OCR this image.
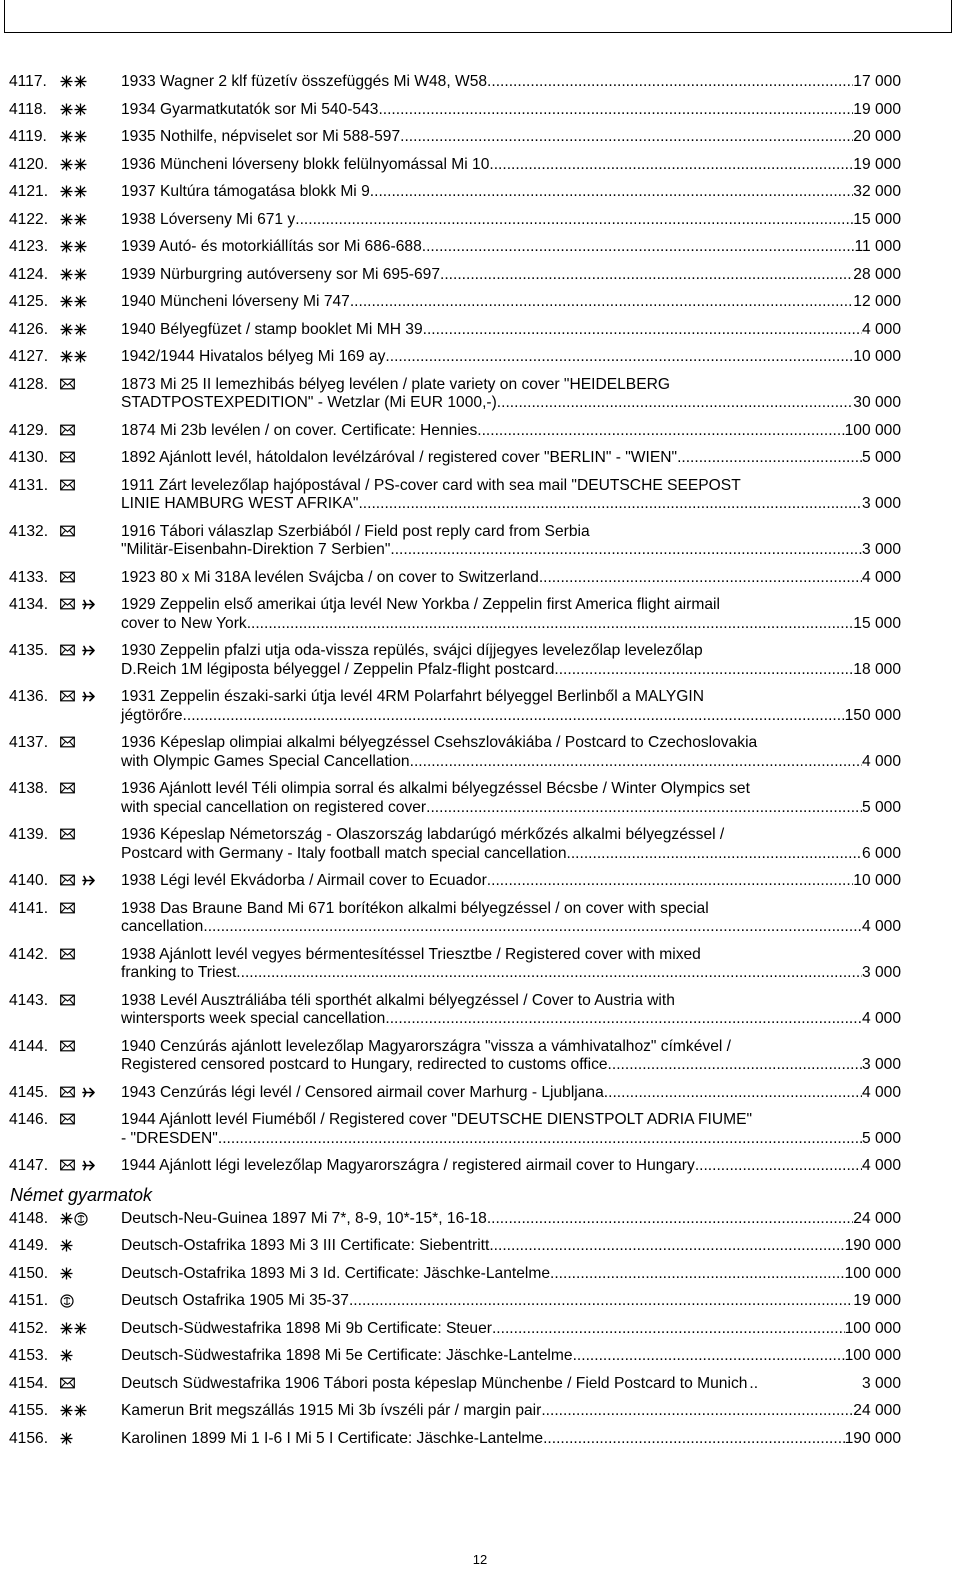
4117.	1933 Wagner 2 klf füzetív összefüggés Mi W48, W58 .....	17 000
4118.	1934 Gyarmatkutatók sor Mi 540-543 .....	19 000
4119.	1935 Nothilfe, népviselet sor Mi 588-597 .....	20 000
4120.	1936 Müncheni lóverseny blokk felülnyomással Mi 10 .....	19 000
4121.	1937 Kultúra támogatása blokk Mi 9 .....	32 000
4122.	1938 Lóverseny Mi 671 y .....	15 000
4123.	1939 Autó- és motorkiállítás sor Mi 686-688 .....	11 000
4124.	1939 Nürburgring autóverseny sor Mi 695-697 .....	28 000
4125.	1940 Müncheni lóverseny Mi 747 .....	12 000
4126.	1940 Bélyegfüzet / stamp booklet Mi MH 39 .....	4 000
4127.	1942/1944 Hivatalos bélyeg Mi 169 ay .....	10 000
4128.	1873 Mi 25 II lemezhibás bélyeg levélen / plate variety on cover "HEIDELBERG
STADTPOSTEXPEDITION" - Wetzlar (Mi EUR 1000,-) .....	30 000
4129.	1874 Mi 23b levélen / on cover. Certificate: Hennies .....	100 000
4130.	1892 Ajánlott levél, hátoldalon levélzáróval / registered cover "BERLIN" - "WIEN" .....	5 000
4131.	1911 Zárt levelezőlap hajópostával / PS-cover card with sea mail "DEUTSCHE SEEPOST
LINIE HAMBURG WEST AFRIKA" .....	3 000
4132.	1916 Tábori válaszlap Szerbiából / Field post reply card from Serbia
"Militär-Eisenbahn-Direktion 7 Serbien" .....	3 000
4133.	1923 80 x Mi 318A levélen Svájcba / on cover to Switzerland .....	4 000
4134.	1929 Zeppelin első amerikai útja levél New Yorkba / Zeppelin first America flight airmail
cover to New York .....	15 000
4135.	1930 Zeppelin pfalzi utja oda-vissza repülés, svájci díjjegyes levelezőlap levelezőlap
D.Reich 1M légiposta bélyeggel / Zeppelin Pfalz-flight postcard .....	18 000
4136.	1931 Zeppelin északi-sarki útja levél 4RM Polarfahrt bélyeggel Berlinből a MALYGIN
jégtörőre .....	150 000
4137.	1936 Képeslap olimpiai alkalmi bélyegzéssel Csehszlovákiába / Postcard to Czechoslovakia
with Olympic Games Special Cancellation .....	4 000
4138.	1936 Ajánlott levél Téli olimpia sorral és alkalmi bélyegzéssel Bécsbe / Winter Olympics set
with special cancellation on registered cover .....	5 000
4139.	1936 Képeslap Németország - Olaszország labdarúgó mérkőzés alkalmi bélyegzéssel /
Postcard with Germany - Italy football match special cancellation .....	6 000
4140.	1938 Légi levél Ekvádorba / Airmail cover to Ecuador .....	10 000
4141.	1938 Das Braune Band Mi 671 borítékon alkalmi bélyegzéssel / on cover with special
cancellation .....	4 000
4142.	1938 Ajánlott levél vegyes bérmentesítéssel Triesztbe / Registered cover with mixed
franking to Triest .....	3 000
4143.	1938 Levél Ausztráliába téli sporthét alkalmi bélyegzéssel / Cover to Austria with
wintersports week special cancellation .....	4 000
4144.	1940 Cenzúrás ajánlott levelezőlap Magyarországra "vissza a vámhivatalhoz" címkével /
Registered censored postcard to Hungary, redirected to customs office .....	3 000
4145.	1943 Cenzúrás légi levél / Censored airmail cover Marhurg - Ljubljana .....	4 000
4146.	1944 Ajánlott levél Fiuméből / Registered cover "DEUTSCHE DIENSTPOLT ADRIA FIUME"
- "DRESDEN" .....	5 000
4147.	1944 Ajánlott légi levelezőlap Magyarországra / registered airmail cover to Hungary .....	4 000
Német gyarmatok
4148.	Deutsch-Neu-Guinea 1897 Mi 7*, 8-9, 10*-15*, 16-18 .....	24 000
4149.	Deutsch-Ostafrika 1893 Mi 3 III Certificate: Siebentritt .....	190 000
4150.	Deutsch-Ostafrika 1893 Mi 3 Id. Certificate: Jäschke-Lantelme .....	100 000
4151.	Deutsch Ostafrika 1905 Mi 35-37 .....	19 000
4152.	Deutsch-Südwestafrika 1898 Mi 9b Certificate: Steuer .....	100 000
4153.	Deutsch-Südwestafrika 1898 Mi 5e Certificate: Jäschke-Lantelme .....	100 000
4154.	Deutsch Südwestafrika 1906 Tábori posta képeslap Münchenbe / Field Postcard to Munich ..	3 000
4155.	Kamerun Brit megszállás 1915 Mi 3b ívszéli pár / margin pair .....	24 000
4156.	Karolinen 1899 Mi 1 I-6 I Mi 5 I Certificate: Jäschke-Lantelme .....	190 000
12
